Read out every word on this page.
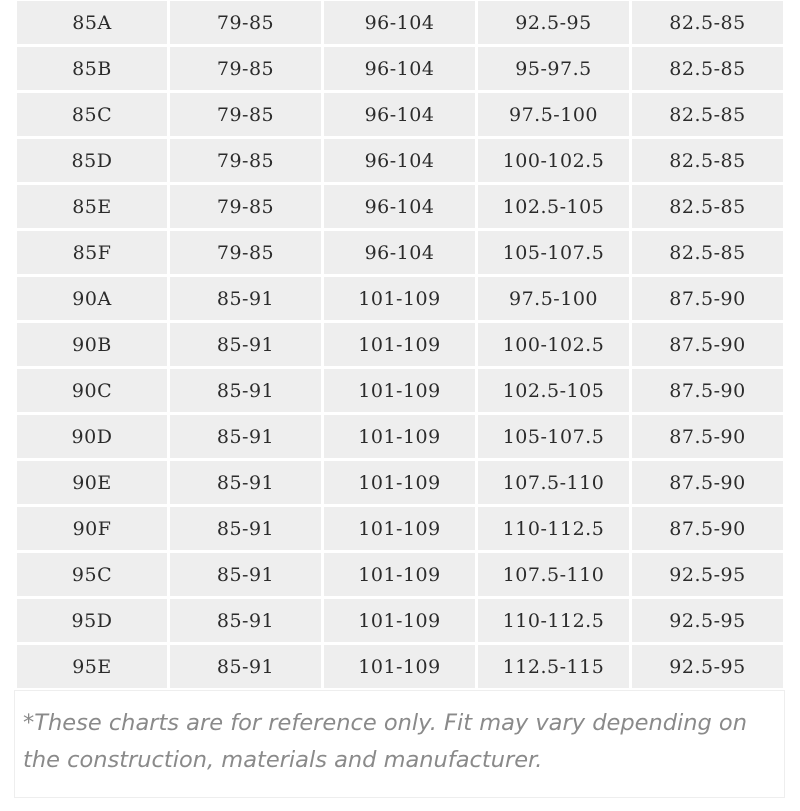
85A	79-85	96-104	92.5-95	82.5-85
85B	79-85	96-104	95-97.5	82.5-85
85C	79-85	96-104	97.5-100	82.5-85
85D	79-85	96-104	100-102.5	82.5-85
85E	79-85	96-104	102.5-105	82.5-85
85F	79-85	96-104	105-107.5	82.5-85
90A	85-91	101-109	97.5-100	87.5-90
90B	85-91	101-109	100-102.5	87.5-90
90C	85-91	101-109	102.5-105	87.5-90
90D	85-91	101-109	105-107.5	87.5-90
90E	85-91	101-109	107.5-110	87.5-90
90F	85-91	101-109	110-112.5	87.5-90
95C	85-91	101-109	107.5-110	92.5-95
95D	85-91	101-109	110-112.5	92.5-95
95E	85-91	101-109	112.5-115	92.5-95
*These charts are for reference only. Fit may vary depending on the construction, materials and manufacturer.
